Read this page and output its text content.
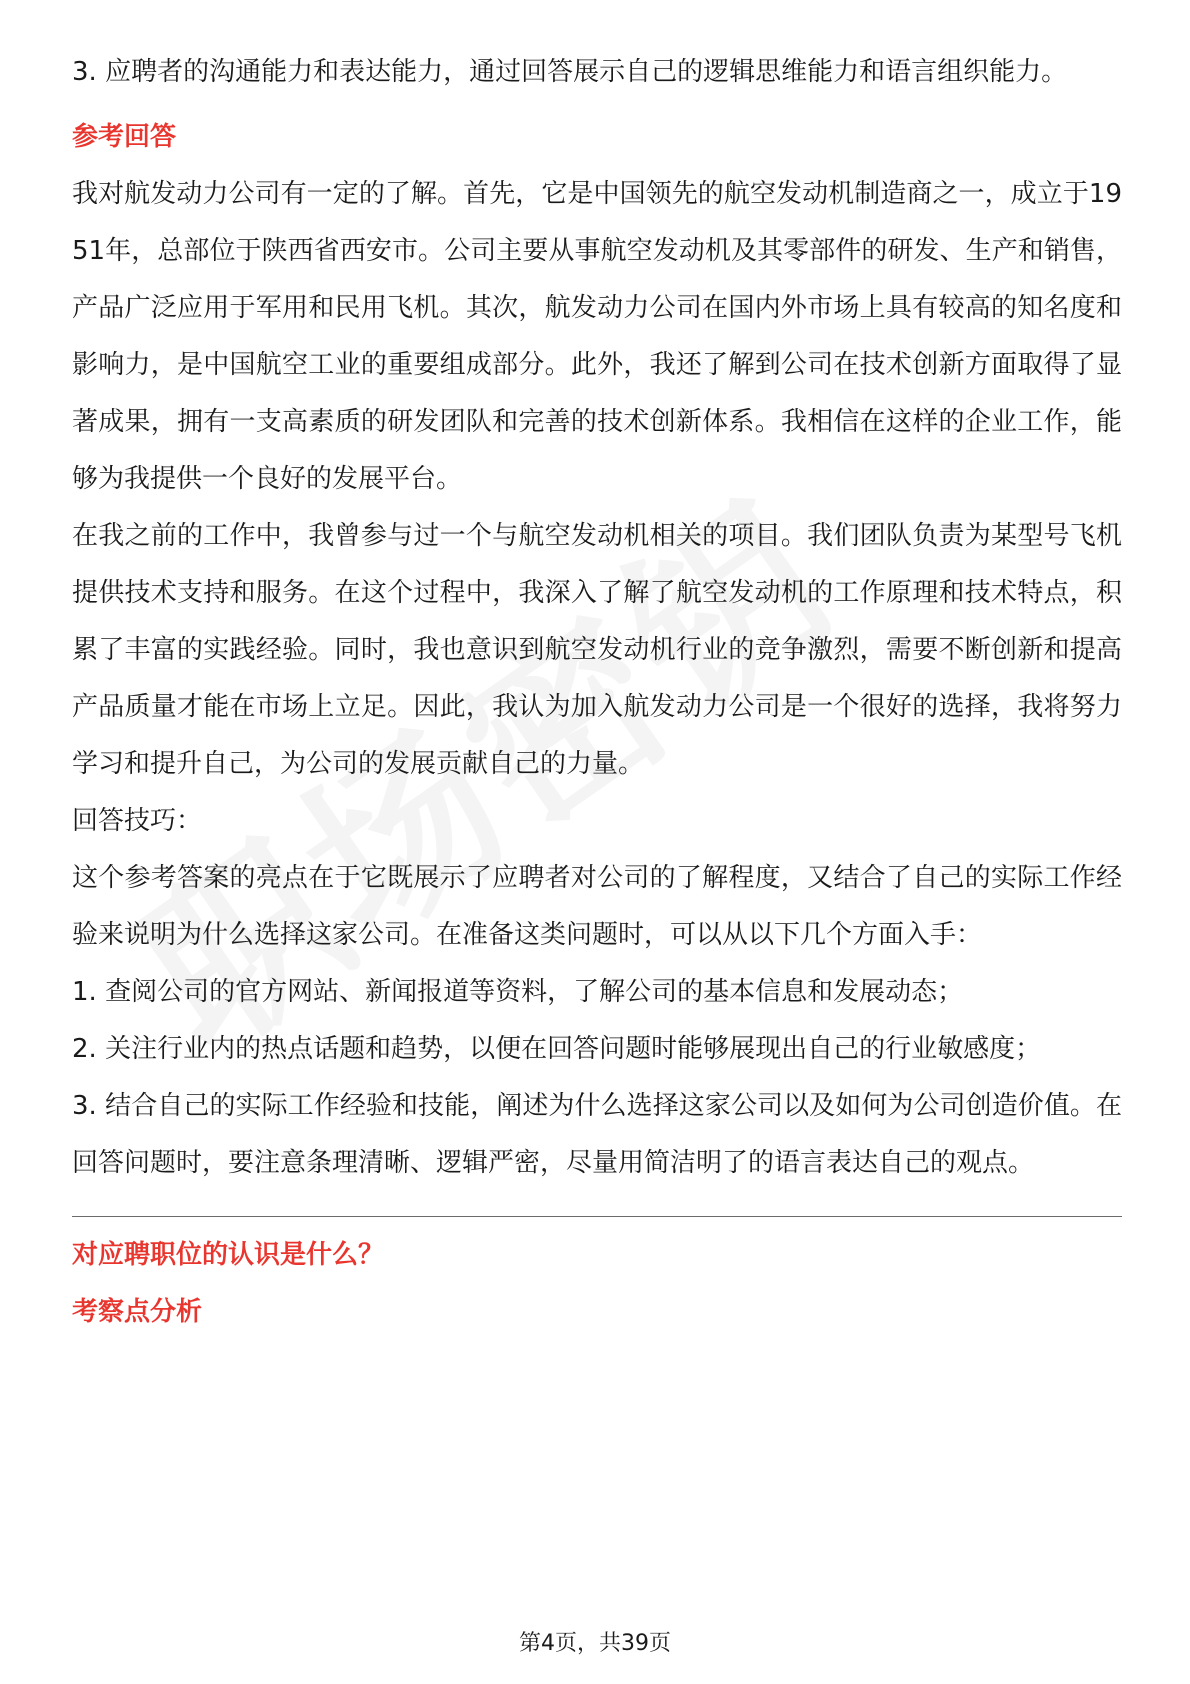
3. 应聘者的沟通能力和表达能力，通过回答展示自己的逻辑思维能力和语言组织能力。

参考回答

我对航发动力公司有一定的了解。首先，它是中国领先的航空发动机制造商之一，成立于1951年，总部位于陕西省西安市。公司主要从事航空发动机及其零部件的研发、生产和销售，产品广泛应用于军用和民用飞机。其次，航发动力公司在国内外市场上具有较高的知名度和影响力，是中国航空工业的重要组成部分。此外，我还了解到公司在技术创新方面取得了显著成果，拥有一支高素质的研发团队和完善的技术创新体系。我相信在这样的企业工作，能够为我提供一个良好的发展平台。

在我之前的工作中，我曾参与过一个与航空发动机相关的项目。我们团队负责为某型号飞机提供技术支持和服务。在这个过程中，我深入了解了航空发动机的工作原理和技术特点，积累了丰富的实践经验。同时，我也意识到航空发动机行业的竞争激烈，需要不断创新和提高产品质量才能在市场上立足。因此，我认为加入航发动力公司是一个很好的选择，我将努力学习和提升自己，为公司的发展贡献自己的力量。

回答技巧：

这个参考答案的亮点在于它既展示了应聘者对公司的了解程度，又结合了自己的实际工作经验来说明为什么选择这家公司。在准备这类问题时，可以从以下几个方面入手：

1. 查阅公司的官方网站、新闻报道等资料，了解公司的基本信息和发展动态；

2. 关注行业内的热点话题和趋势，以便在回答问题时能够展现出自己的行业敏感度；

3. 结合自己的实际工作经验和技能，阐述为什么选择这家公司以及如何为公司创造价值。在回答问题时，要注意条理清晰、逻辑严密，尽量用简洁明了的语言表达自己的观点。

对应聘职位的认识是什么？

考察点分析

第4页，共39页
